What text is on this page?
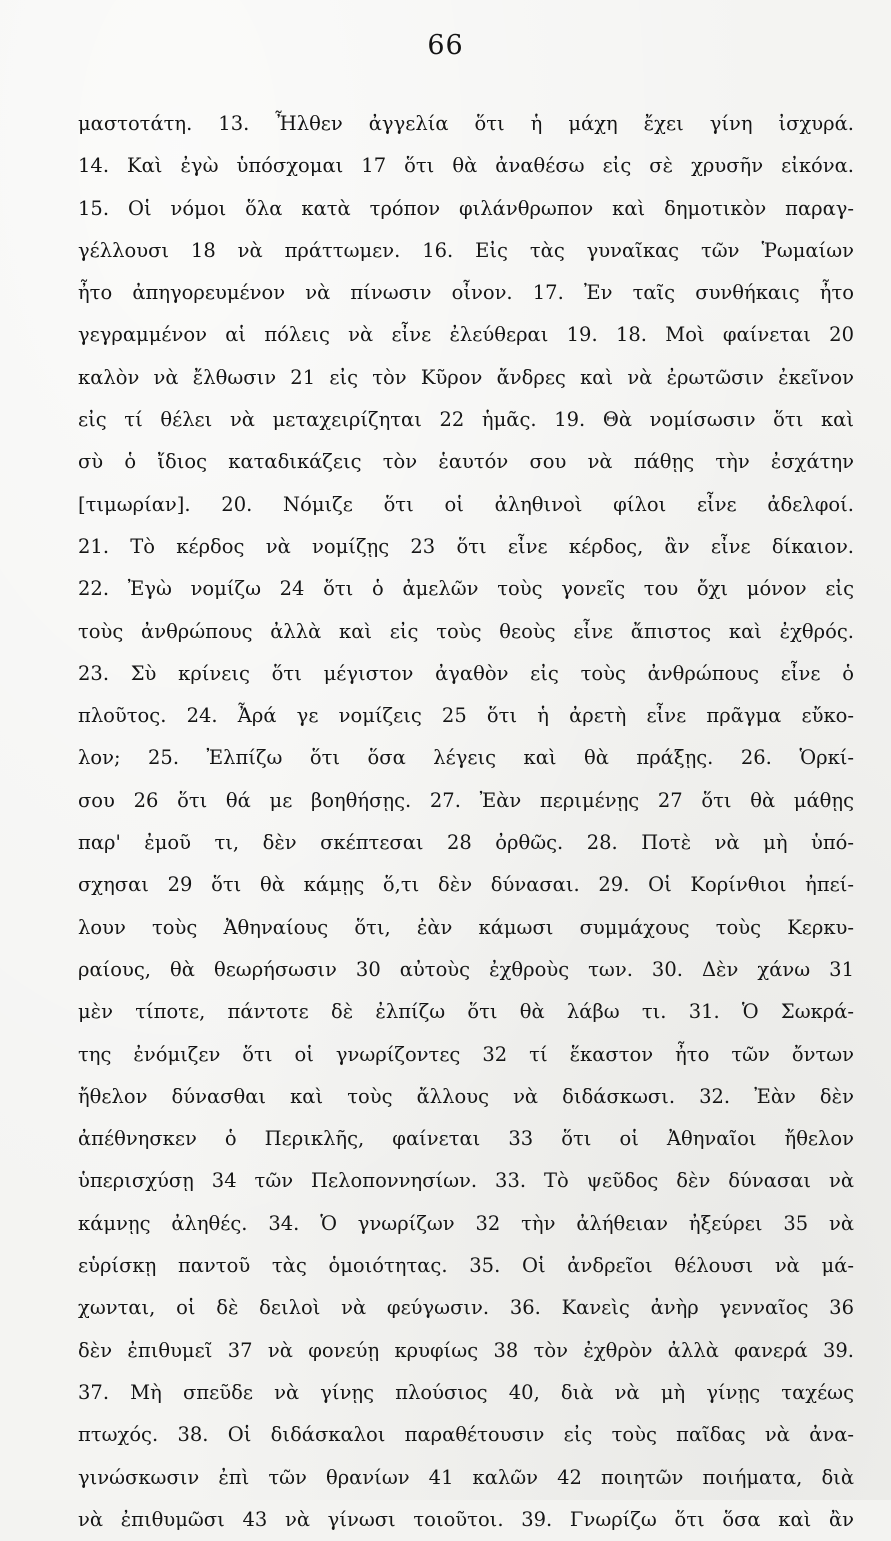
66
μαστοτάτη. 13. Ἦλθεν ἀγγελία ὅτι ἡ μάχη ἔχει γίνη ἰσχυρά.
14. Καὶ ἐγὼ ὑπόσχομαι 17 ὅτι θὰ ἀναθέσω εἰς σὲ χρυσῆν εἰκόνα.
15. Οἱ νόμοι ὅλα κατὰ τρόπον φιλάνθρωπον καὶ δημοτικὸν παραγ-
γέλλουσι 18 νὰ πράττωμεν. 16. Εἰς τὰς γυναῖκας τῶν Ῥωμαίων
ἦτο ἀπηγορευμένον νὰ πίνωσιν οἶνον. 17. Ἐν ταῖς συνθήκαις ἦτο
γεγραμμένον αἱ πόλεις νὰ εἶνε ἐλεύθεραι 19. 18. Μοὶ φαίνεται 20
καλὸν νὰ ἔλθωσιν 21 εἰς τὸν Κῦρον ἄνδρες καὶ νὰ ἐρωτῶσιν ἐκεῖνον
εἰς τί θέλει νὰ μεταχειρίζηται 22 ἡμᾶς. 19. Θὰ νομίσωσιν ὅτι καὶ
σὺ ὁ ἴδιος καταδικάζεις τὸν ἑαυτόν σου νὰ πάθῃς τὴν ἐσχάτην
[τιμωρίαν]. 20. Νόμιζε ὅτι οἱ ἀληθινοὶ φίλοι εἶνε ἀδελφοί.
21. Τὸ κέρδος νὰ νομίζῃς 23 ὅτι εἶνε κέρδος, ἂν εἶνε δίκαιον.
22. Ἐγὼ νομίζω 24 ὅτι ὁ ἀμελῶν τοὺς γονεῖς του ὄχι μόνον εἰς
τοὺς ἀνθρώπους ἀλλὰ καὶ εἰς τοὺς θεοὺς εἶνε ἄπιστος καὶ ἐχθρός.
23. Σὺ κρίνεις ὅτι μέγιστον ἀγαθὸν εἰς τοὺς ἀνθρώπους εἶνε ὁ
πλοῦτος. 24. Ἆρά γε νομίζεις 25 ὅτι ἡ ἀρετὴ εἶνε πρᾶγμα εὔκο-
λον; 25. Ἐλπίζω ὅτι ὅσα λέγεις καὶ θὰ πράξῃς. 26. Ὁρκί-
σου 26 ὅτι θά με βοηθήσῃς. 27. Ἐὰν περιμένῃς 27 ὅτι θὰ μάθῃς
παρ' ἐμοῦ τι, δὲν σκέπτεσαι 28 ὀρθῶς. 28. Ποτὲ νὰ μὴ ὑπό-
σχησαι 29 ὅτι θὰ κάμῃς ὅ,τι δὲν δύνασαι. 29. Οἱ Κορίνθιοι ἠπεί-
λουν τοὺς Ἀθηναίους ὅτι, ἐὰν κάμωσι συμμάχους τοὺς Κερκυ-
ραίους, θὰ θεωρήσωσιν 30 αὐτοὺς ἐχθροὺς των. 30. Δὲν χάνω 31
μὲν τίποτε, πάντοτε δὲ ἐλπίζω ὅτι θὰ λάβω τι. 31. Ὁ Σωκρά-
της ἐνόμιζεν ὅτι οἱ γνωρίζοντες 32 τί ἕκαστον ἦτο τῶν ὄντων
ἤθελον δύνασθαι καὶ τοὺς ἄλλους νὰ διδάσκωσι. 32. Ἐὰν δὲν
ἀπέθνησκεν ὁ Περικλῆς, φαίνεται 33 ὅτι οἱ Ἀθηναῖοι ἤθελον
ὑπερισχύσῃ 34 τῶν Πελοποννησίων. 33. Τὸ ψεῦδος δὲν δύνασαι νὰ
κάμνῃς ἀληθές. 34. Ὁ γνωρίζων 32 τὴν ἀλήθειαν ἠξεύρει 35 νὰ
εὑρίσκῃ παντοῦ τὰς ὁμοιότητας. 35. Οἱ ἀνδρεῖοι θέλουσι νὰ μά-
χωνται, οἱ δὲ δειλοὶ νὰ φεύγωσιν. 36. Κανεὶς ἀνὴρ γενναῖος 36
δὲν ἐπιθυμεῖ 37 νὰ φονεύῃ κρυφίως 38 τὸν ἐχθρὸν ἀλλὰ φανερά 39.
37. Μὴ σπεῦδε νὰ γίνῃς πλούσιος 40, διὰ νὰ μὴ γίνῃς ταχέως
πτωχός. 38. Οἱ διδάσκαλοι παραθέτουσιν εἰς τοὺς παῖδας νὰ ἀνα-
γινώσκωσιν ἐπὶ τῶν θρανίων 41 καλῶν 42 ποιητῶν ποιήματα, διὰ
νὰ ἐπιθυμῶσι 43 νὰ γίνωσι τοιοῦτοι. 39. Γνωρίζω ὅτι ὅσα καὶ ἂν
